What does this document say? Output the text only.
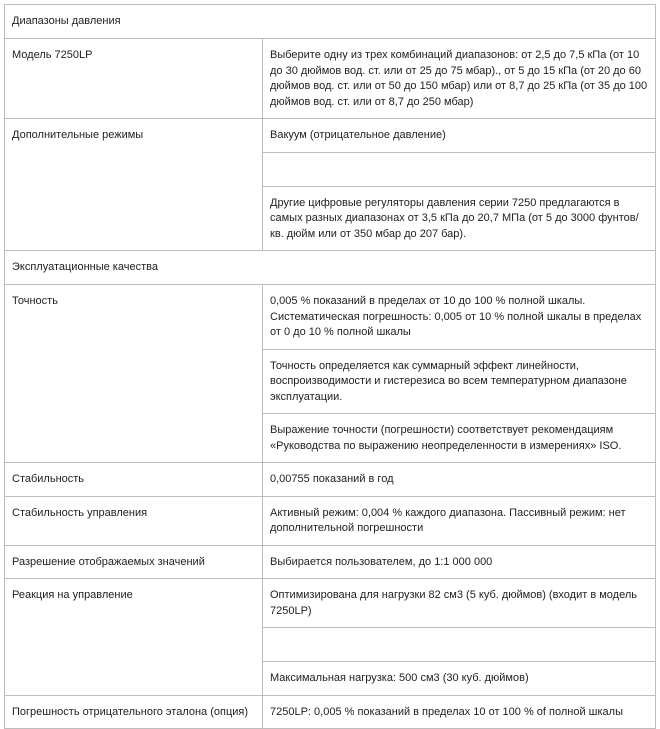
Диапазоны давления	
Модель 7250LP	Выберите одну из трех комбинаций диапазонов: от 2,5 до 7,5 кПа (от 10 до 30 дюймов вод. ст. или от 25 до 75 мбар)., от 5 до 15 кПа (от 20 до 60 дюймов вод. ст. или от 50 до 150 мбар) или от 8,7 до 25 кПа (от 35 до 100 дюймов вод. ст. или от 8,7 до 250 мбар)
Дополнительные режимы	Вакуум (отрицательное давление)

	Другие цифровые регуляторы давления серии 7250 предлагаются в самых разных диапазонах от 3,5 кПа до 20,7 МПа (от 5 до 3000 фунтов/кв. дюйм или от 350 мбар до 207 бар).
Эксплуатационные качества	
Точность	0,005 % показаний в пределах от 10 до 100 % полной шкалы. Систематическая погрешность: 0,005 от 10 % полной шкалы в пределах от 0 до 10 % полной шкалы
	Точность определяется как суммарный эффект линейности, воспроизводимости и гистерезиса во всем температурном диапазоне эксплуатации.
	Выражение точности (погрешности) соответствует рекомендациям «Руководства по выражению неопределенности в измерениях» ISO.
Стабильность	0,00755 показаний в год
Стабильность управления	Активный режим: 0,004 % каждого диапазона. Пассивный режим: нет дополнительной погрешности
Разрешение отображаемых значений	Выбирается пользователем, до 1:1 000 000
Реакция на управление	Оптимизирована для нагрузки 82 см3 (5 куб. дюймов) (входит в модель 7250LP)

	Максимальная нагрузка: 500 см3 (30 куб. дюймов)
Погрешность отрицательного эталона (опция)	7250LP: 0,005 % показаний в пределах 10 от 100 % of полной шкалы
